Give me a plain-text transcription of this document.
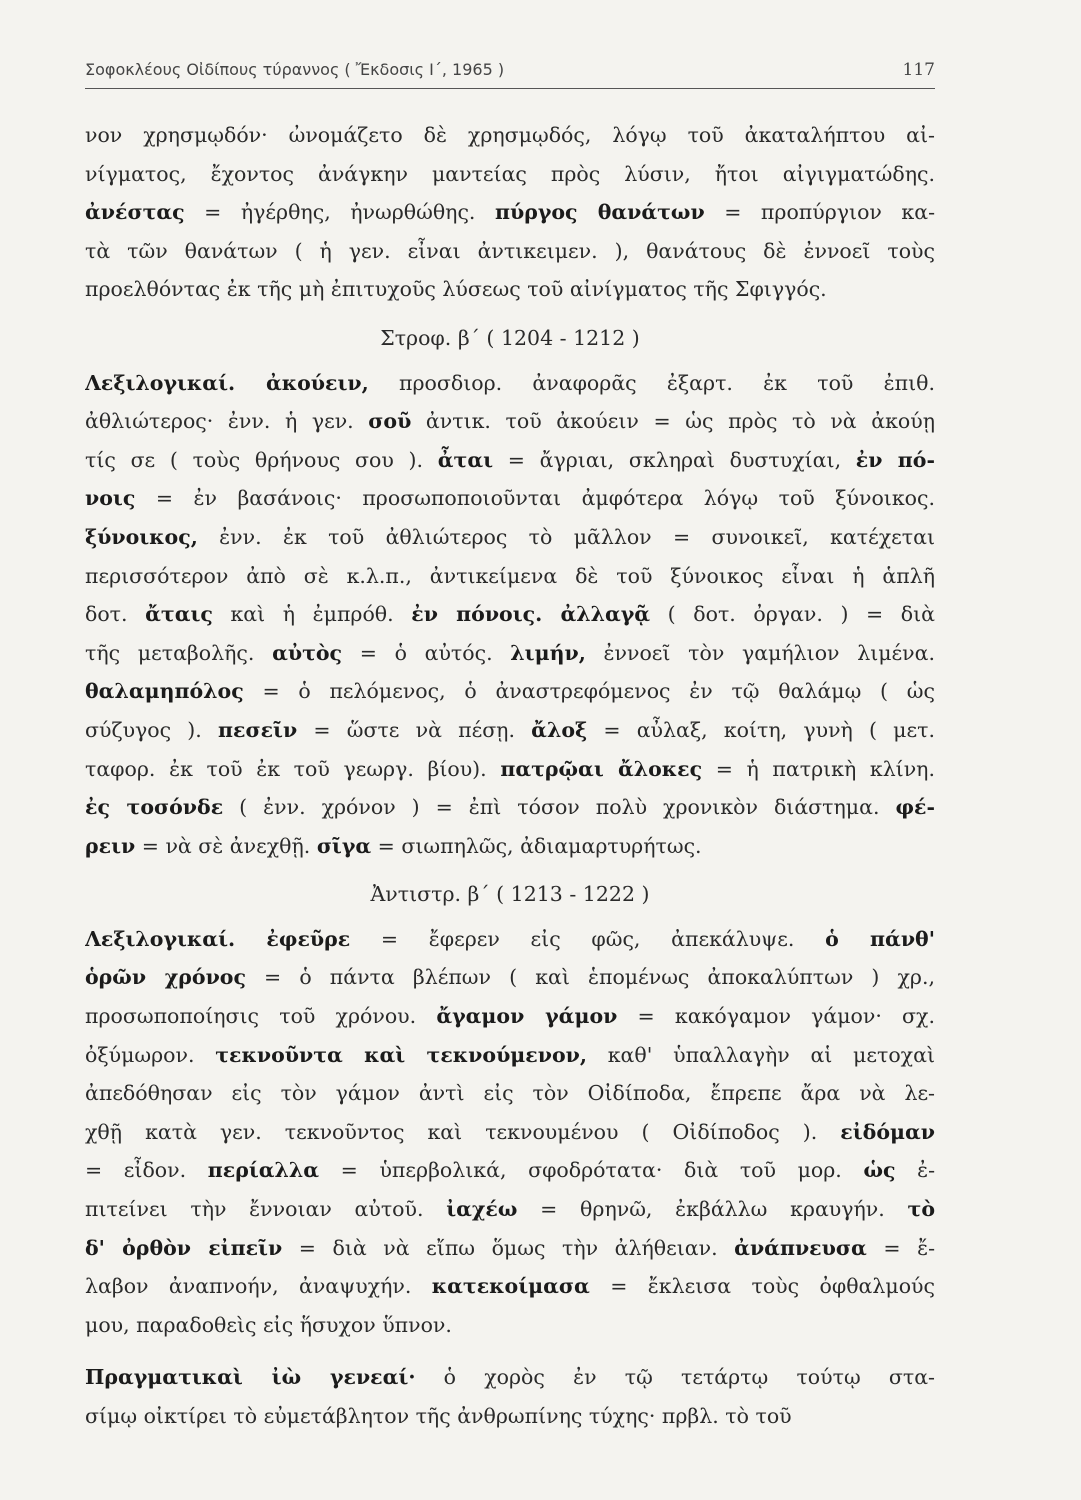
Σοφοκλέους Οἰδίπους τύραννος ( Ἔκδοσις Ι΄, 1965 )	117
νον χρησμῳδόν· ὠνομάζετο δὲ χρησμῳδός, λόγῳ τοῦ ἀκαταλήπτου αἰ-
νίγματος, ἔχοντος ἀνάγκην μαντείας πρὸς λύσιν, ἤτοι αἰγιγματώδης.
ἀνέστας = ἠγέρθης, ἠνωρθώθης. πύργος θανάτων = προπύργιον κα-
τὰ τῶν θανάτων ( ἡ γεν. εἶναι ἀντικειμεν. ), θανάτους δὲ ἐννοεῖ τοὺς
προελθόντας ἐκ τῆς μὴ ἐπιτυχοῦς λύσεως τοῦ αἰνίγματος τῆς Σφιγγός.
Στροφ. β΄ ( 1204 - 1212 )
Λεξιλογικαί. ἀκούειν, προσδιορ. ἀναφορᾶς ἐξαρτ. ἐκ τοῦ ἐπιθ.
ἀθλιώτερος· ἐνν. ἡ γεν. σοῦ ἀντικ. τοῦ ἀκούειν = ὡς πρὸς τὸ νὰ ἀκούῃ
τίς σε ( τοὺς θρήνους σου ). ἆται = ἄγριαι, σκληραὶ δυστυχίαι, ἐν πό-
νοις = ἐν βασάνοις· προσωποποιοῦνται ἀμφότερα λόγῳ τοῦ ξύνοικος.
ξύνοικος, ἐνν. ἐκ τοῦ ἀθλιώτερος τὸ μᾶλλον = συνοικεῖ, κατέχεται
περισσότερον ἀπὸ σὲ κ.λ.π., ἀντικείμενα δὲ τοῦ ξύνοικος εἶναι ἡ ἁπλῆ
δοτ. ἄταις καὶ ἡ ἐμπρόθ. ἐν πόνοις. ἀλλαγᾷ ( δοτ. ὀργαν. ) = διὰ
τῆς μεταβολῆς. αὐτὸς = ὁ αὐτός. λιμήν, ἐννοεῖ τὸν γαμήλιον λιμένα.
θαλαμηπόλος = ὁ πελόμενος, ὁ ἀναστρεφόμενος ἐν τῷ θαλάμῳ ( ὡς
σύζυγος ). πεσεῖν = ὥστε νὰ πέσῃ. ἄλοξ = αὖλαξ, κοίτη, γυνὴ ( μετ.
ταφορ. ἐκ τοῦ ἐκ τοῦ γεωργ. βίου). πατρῷαι ἄλοκες = ἡ πατρικὴ κλίνη.
ἐς τοσόνδε ( ἐνν. χρόνον ) = ἐπὶ τόσον πολὺ χρονικὸν διάστημα. φέ-
ρειν = νὰ σὲ ἀνεχθῇ. σῖγα = σιωπηλῶς, ἀδιαμαρτυρήτως.
Ἀντιστρ. β΄ ( 1213 - 1222 )
Λεξιλογικαί. ἐφεῦρε = ἔφερεν εἰς φῶς, ἀπεκάλυψε. ὁ πάνθ'
ὁρῶν χρόνος = ὁ πάντα βλέπων ( καὶ ἑπομένως ἀποκαλύπτων ) χρ.,
προσωποποίησις τοῦ χρόνου. ἄγαμον γάμον = κακόγαμον γάμον· σχ.
ὀξύμωρον. τεκνοῦντα καὶ τεκνούμενον, καθ' ὑπαλλαγὴν αἱ μετοχαὶ
ἀπεδόθησαν εἰς τὸν γάμον ἀντὶ εἰς τὸν Οἰδίποδα, ἔπρεπε ἄρα νὰ λε-
χθῇ κατὰ γεν. τεκνοῦντος καὶ τεκνουμένου ( Οἰδίποδος ). εἰδόμαν
= εἶδον. περίαλλα = ὑπερβολικά, σφοδρότατα· διὰ τοῦ μορ. ὡς ἐ-
πιτείνει τὴν ἔννοιαν αὐτοῦ. ἰαχέω = θρηνῶ, ἐκβάλλω κραυγήν. τὸ
δ' ὀρθὸν εἰπεῖν = διὰ νὰ εἴπω ὅμως τὴν ἀλήθειαν. ἀνάπνευσα = ἔ-
λαβον ἀναπνοήν, ἀναψυχήν. κατεκοίμασα = ἔκλεισα τοὺς ὀφθαλμούς
μου, παραδοθεὶς εἰς ἥσυχον ὕπνον.
Πραγματικαὶ ἰὼ γενεαί· ὁ χορὸς ἐν τῷ τετάρτῳ τούτῳ στα-
σίμῳ οἰκτίρει τὸ εὐμετάβλητον τῆς ἀνθρωπίνης τύχης· πρβλ. τὸ τοῦ
